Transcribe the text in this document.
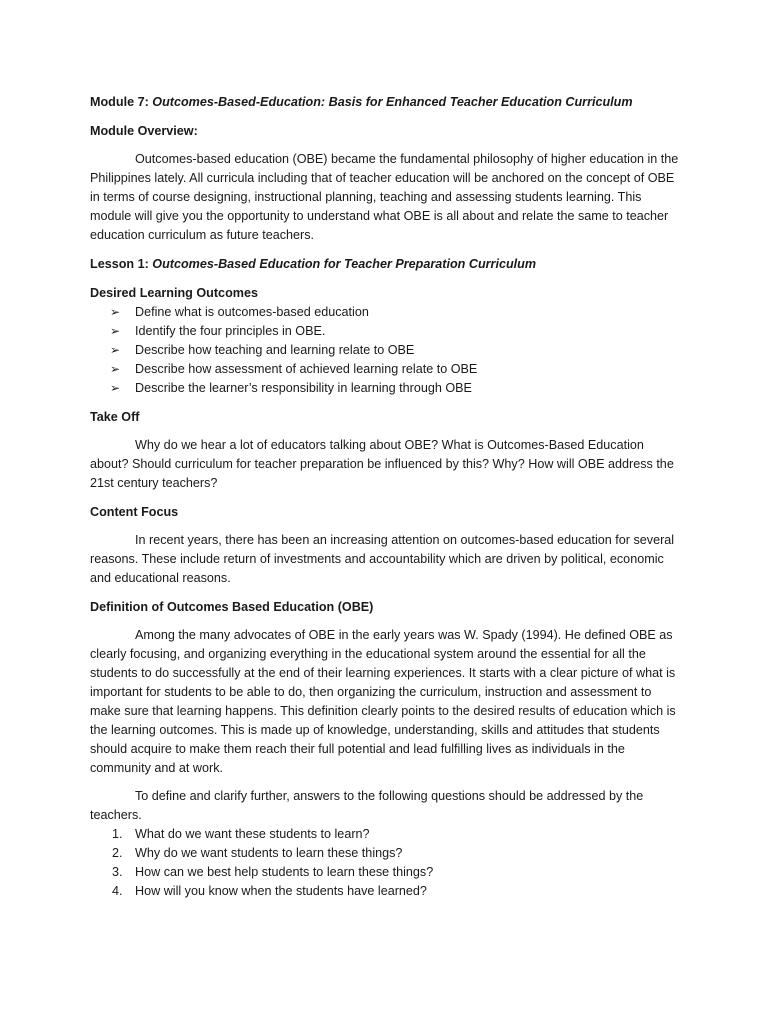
Module 7: Outcomes-Based-Education: Basis for Enhanced Teacher Education Curriculum

Module Overview:

Outcomes-based education (OBE) became the fundamental philosophy of higher education in the Philippines lately. All curricula including that of teacher education will be anchored on the concept of OBE in terms of course designing, instructional planning, teaching and assessing students learning. This module will give you the opportunity to understand what OBE is all about and relate the same to teacher education curriculum as future teachers.

Lesson 1: Outcomes-Based Education for Teacher Preparation Curriculum

Desired Learning Outcomes

➢ Define what is outcomes-based education
➢ Identify the four principles in OBE.
➢ Describe how teaching and learning relate to OBE
➢ Describe how assessment of achieved learning relate to OBE
➢ Describe the learner’s responsibility in learning through OBE

Take Off

Why do we hear a lot of educators talking about OBE? What is Outcomes-Based Education about? Should curriculum for teacher preparation be influenced by this? Why? How will OBE address the 21st century teachers?

Content Focus

In recent years, there has been an increasing attention on outcomes-based education for several reasons. These include return of investments and accountability which are driven by political, economic and educational reasons.

Definition of Outcomes Based Education (OBE)

Among the many advocates of OBE in the early years was W. Spady (1994). He defined OBE as clearly focusing, and organizing everything in the educational system around the essential for all the students to do successfully at the end of their learning experiences. It starts with a clear picture of what is important for students to be able to do, then organizing the curriculum, instruction and assessment to make sure that learning happens. This definition clearly points to the desired results of education which is the learning outcomes. This is made up of knowledge, understanding, skills and attitudes that students should acquire to make them reach their full potential and lead fulfilling lives as individuals in the community and at work.

To define and clarify further, answers to the following questions should be addressed by the teachers.

1. What do we want these students to learn?
2. Why do we want students to learn these things?
3. How can we best help students to learn these things?
4. How will you know when the students have learned?
